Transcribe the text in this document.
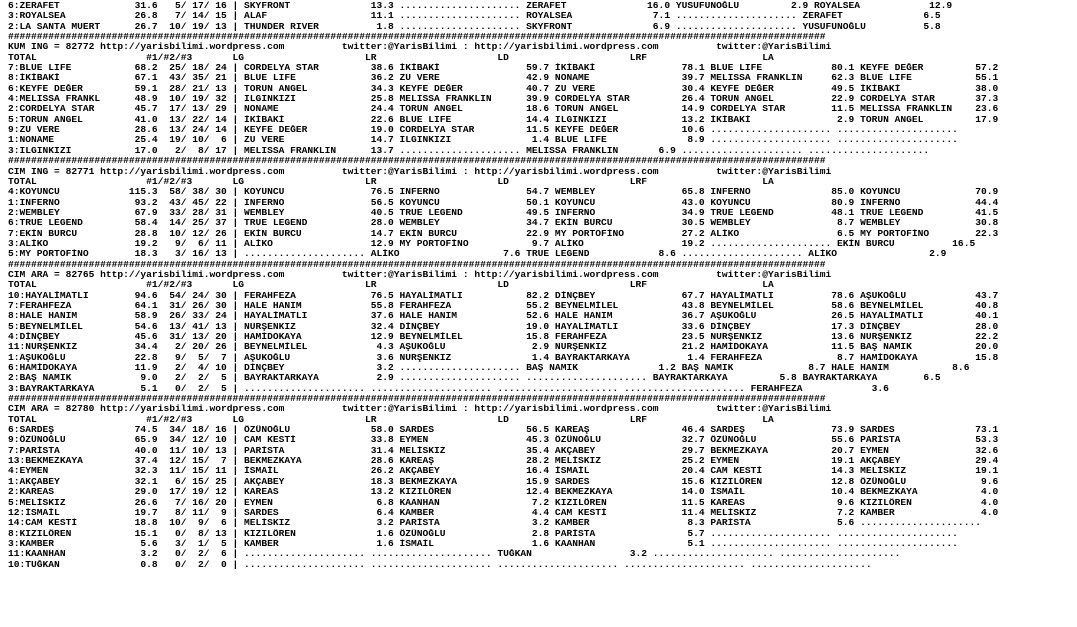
6:ZERAFET             31.6   5/ 17/ 16 | SKYFRONT              13.3 ..................... ZERAFET              16.0 YUSUFUNOĞLU         2.9 ROYALSEA            12.9
3:ROYALSEA            26.8   7/ 14/ 15 | ALAF                  11.1 ..................... ROYALSEA              7.1 ..................... ZERAFET              6.5
2:LA SANTA MUERT      26.7  10/ 19/ 13 | THUNDER RIVER          1.8 ..................... SKYFRONT              6.9 ..................... YUSUFUNOĞLU          5.8
##############################################################################################################################################
KUM ING = 82772 http://yarisbilimi.wordpress.com          twitter:@YarisBilimi : http://yarisbilimi.wordpress.com          twitter:@YarisBilimi
TOTAL                   #1/#2/#3       LG                     LR                     LD                     LRF                    LA
7:BLUE LIFE           68.2  25/ 18/ 24 | CORDELYA STAR         38.6 İKİBAKİ               59.7 İKİBAKİ               78.1 BLUE LIFE            80.1 KEYFE DEĞER         57.2
8:İKİBAKİ             67.1  43/ 35/ 21 | BLUE LIFE             36.2 ZU VERE               42.9 NONAME                39.7 MELISSA FRANKLIN     62.3 BLUE LIFE           55.1
6:KEYFE DEĞER         59.1  28/ 21/ 13 | TORUN ANGEL           34.3 KEYFE DEĞER           40.7 ZU VERE               30.4 KEYFE DEĞER          49.5 İKİBAKİ             38.0
4:MELISSA FRANKL      48.9  10/ 19/ 32 | ILGINKIZI             25.8 MELISSA FRANKLIN      39.9 CORDELYA STAR         26.4 TORUN ANGEL          22.9 CORDELYA STAR       37.3
2:CORDELYA STAR       45.7  17/ 13/ 29 | NONAME                24.4 TORUN ANGEL           18.6 TORUN ANGEL           14.9 CORDELYA STAR        11.5 MELISSA FRANKLIN    23.6
5:TORUN ANGEL         41.0  13/ 22/ 14 | İKİBAKİ               22.6 BLUE LIFE             14.4 ILGINKIZI             13.2 İKİBAKİ               2.9 TORUN ANGEL         17.9
9:ZU VERE             28.6  13/ 24/ 14 | KEYFE DEĞER           19.0 CORDELYA STAR         11.5 KEYFE DEĞER           10.6 ..................... .....................
1:NONAME              25.4  19/ 10/  6 | ZU VERE               14.7 ILGINKIZI              1.4 BLUE LIFE              8.9 ..................... .....................
3:ILGINKIZI           17.0   2/  8/ 17 | MELISSA FRANKLIN      13.7 ..................... MELISSA FRANKLIN       6.9 ..................... .....................
##############################################################################################################################################
CIM ING = 82771 http://yarisbilimi.wordpress.com          twitter:@YarisBilimi : http://yarisbilimi.wordpress.com          twitter:@YarisBilimi
TOTAL                   #1/#2/#3       LG                     LR                     LD                     LRF                    LA
4:KOYUNCU            115.3  58/ 38/ 30 | KOYUNCU               76.5 INFERNO               54.7 WEMBLEY               65.8 INFERNO              85.0 KOYUNCU             70.9
1:INFERNO             93.2  43/ 45/ 22 | INFERNO               56.5 KOYUNCU               50.1 KOYUNCU               43.0 KOYUNCU              80.9 INFERNO             44.4
2:WEMBLEY             67.9  33/ 28/ 31 | WEMBLEY               40.5 TRUE LEGEND           49.5 INFERNO               34.9 TRUE LEGEND          48.1 TRUE LEGEND         41.5
6:TRUE LEGEND         58.4  14/ 25/ 37 | TRUE LEGEND           28.0 WEMBLEY               34.7 EKİN BURCU            30.5 WEMBLEY               8.7 WEMBLEY             30.8
7:EKİN BURCU          28.8  10/ 12/ 26 | EKİN BURCU            14.7 EKİN BURCU            22.9 MY PORTOFİNO          27.2 ALİKO                 6.5 MY PORTOFİNO        22.3
3:ALİKO               19.2   9/  6/ 11 | ALİKO                 12.9 MY PORTOFİNO           9.7 ALİKO                 19.2 ..................... EKİN BURCU          16.5
5:MY PORTOFİNO        18.3   3/ 16/ 13 | ..................... ALİKO                  7.6 TRUE LEGEND            8.6 ..................... ALİKO                2.9
##############################################################################################################################################
CIM ARA = 82765 http://yarisbilimi.wordpress.com          twitter:@YarisBilimi : http://yarisbilimi.wordpress.com          twitter:@YarisBilimi
TOTAL                   #1/#2/#3       LG                     LR                     LD                     LRF                    LA
10:HAYALİMATLI        94.6  54/ 24/ 30 | FERAHFEZA             76.5 HAYALİMATLI           82.2 DİNÇBEY               67.7 HAYALİMATLI          78.6 AŞUKOĞLU            43.7
7:FERAHFEZA           64.1  31/ 26/ 30 | HALE HANIM            55.8 FERAHFEZA             55.2 BEYNELMİLEL           43.8 BEYNELMİLEL          58.6 BEYNELMİLEL         40.8
8:HALE HANIM          58.9  26/ 33/ 24 | HAYALİMATLI           37.6 HALE HANIM            52.6 HALE HANIM            36.7 AŞUKOĞLU             26.5 HAYALİMATLI         40.1
5:BEYNELMİLEL         54.6  13/ 41/ 13 | NURŞENKIZ             32.4 DİNÇBEY               19.0 HAYALİMATLI           33.6 DİNÇBEY              17.3 DİNÇBEY             28.0
4:DİNÇBEY             45.6  31/ 13/ 20 | HAMİDOKAYA            12.9 BEYNELMİLEL           15.8 FERAHFEZA             23.5 NURŞENKIZ            13.6 NURŞENKIZ           22.2
11:NURŞENKIZ          34.4   2/ 20/ 26 | BEYNELMİLEL            4.3 AŞUKOĞLU               2.9 NURŞENKIZ             21.2 HAMİDOKAYA           11.5 BAŞ NAMIK           20.0
1:AŞUKOĞLU            22.8   9/  5/  7 | AŞUKOĞLU               3.6 NURŞENKIZ              1.4 BAYRAKTARKAYA          1.4 FERAHFEZA             8.7 HAMİDOKAYA          15.8
6:HAMİDOKAYA          11.9   2/  4/ 10 | DİNÇBEY                3.2 ..................... BAŞ NAMIK              1.2 BAŞ NAMIK             8.7 HALE HANIM           8.6
2:BAŞ NAMIK            9.0   2/  2/  5 | BAYRAKTARKAYA          2.9 ..................... ..................... BAYRAKTARKAYA         5.8 BAYRAKTARKAYA        6.5
3:BAYRAKTARKAYA        5.1   0/  2/  5 | ..................... ..................... ..................... ..................... FERAHFEZA            3.6
##############################################################################################################################################
CIM ARA = 82780 http://yarisbilimi.wordpress.com          twitter:@YarisBilimi : http://yarisbilimi.wordpress.com          twitter:@YarisBilimi
TOTAL                   #1/#2/#3       LG                     LR                     LD                     LRF                    LA
6:SARDEŞ              74.5  34/ 18/ 16 | ÖZÜNOĞLU              58.0 SARDES                56.5 KAREAŞ                46.4 SARDEŞ               73.9 SARDES              73.1
9:ÖZÜNOĞLU            65.9  34/ 12/ 10 | CAM KESTİ             33.8 EYMEN                 45.3 ÖZÜNOĞLU              32.7 ÖZÜNOĞLU             55.6 PARİSTA             53.3
7:PARİSTA             40.0  11/ 10/ 13 | PARİSTA               31.4 MELİSKIZ              35.4 AKÇABEY               29.7 BEKMEZKAYA           20.7 EYMEN               32.6
13:BEKMEZKAYA         37.4  12/ 15/  7 | BEKMEZKAYA            28.6 KAREAŞ                28.2 MELİSKIZ              25.2 EYMEN                19.1 AKÇABEY             29.4
4:EYMEN               32.3  11/ 15/ 11 | İSMAİL                26.2 AKÇABEY               16.4 İSMAİL                20.4 CAM KESTİ            14.3 MELİSKIZ            19.1
1:AKÇABEY             32.1   6/ 15/ 25 | AKÇABEY               18.3 BEKMEZKAYA            15.9 SARDES                15.6 KIZILÖREN            12.8 ÖZÜNOĞLU             9.6
2:KAREAS              29.0  17/ 19/ 12 | KAREAS                13.2 KIZILÖREN             12.4 BEKMEZKAYA            14.0 İSMAİL               10.4 BEKMEZKAYA           4.0
5:MELİSKIZ            26.6   7/ 16/ 20 | EYMEN                  6.8 KAANHAN                7.2 KIZILÖREN             11.5 KAREAS                9.6 KIZILÖREN            4.0
12:İSMAİL             19.7   8/ 11/  9 | SARDES                 6.4 KAMBER                 4.4 CAM KESTİ             11.4 MELİSKIZ              7.2 KAMBER               4.0
14:CAM KESTİ          18.8  10/  9/  6 | MELİSKIZ               3.2 PARİSTA                3.2 KAMBER                 8.3 PARİSTA               5.6 .....................
8:KIZILÖREN           15.1   0/  8/ 13 | KIZILÖREN              1.6 ÖZÜNOĞLU               2.8 PARİSTA                5.7 ..................... .....................
3:KAMBER               5.6   3/  1/  5 | KAMBER                 1.6 İSMAİL                 1.6 KAANHAN                5.1 ..................... .....................
11:KAANHAN             3.2   0/  2/  6 | ..................... ..................... TUĞKAN                 3.2 ..................... .....................
10:TUĞKAN              0.8   0/  2/  0 | ..................... ..................... ..................... ..................... .....................
